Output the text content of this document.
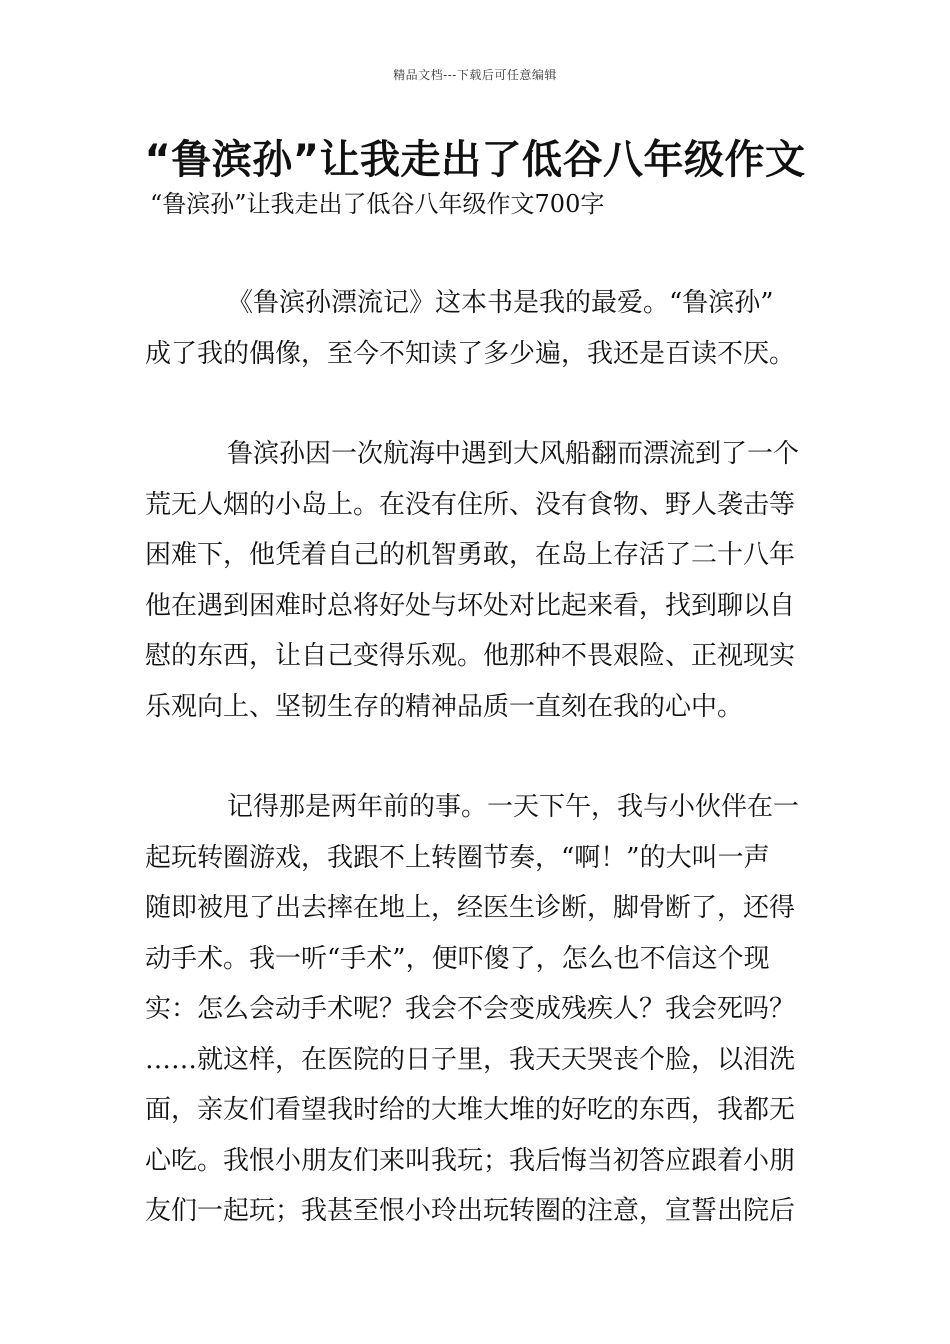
精品文档---下载后可任意编辑
“鲁滨孙”让我走出了低谷八年级作文
“鲁滨孙”让我走出了低谷八年级作文700字
《鲁滨孙漂流记》这本书是我的最爱。“鲁滨孙”
成了我的偶像，至今不知读了多少遍，我还是百读不厌。
鲁滨孙因一次航海中遇到大风船翻而漂流到了一个
荒无人烟的小岛上。在没有住所、没有食物、野人袭击等
困难下，他凭着自己的机智勇敢，在岛上存活了二十八年
他在遇到困难时总将好处与坏处对比起来看，找到聊以自
慰的东西，让自己变得乐观。他那种不畏艰险、正视现实
乐观向上、坚韧生存的精神品质一直刻在我的心中。
记得那是两年前的事。一天下午，我与小伙伴在一
起玩转圈游戏，我跟不上转圈节奏，“啊！”的大叫一声
随即被甩了出去摔在地上，经医生诊断，脚骨断了，还得
动手术。我一听“手术”，便吓傻了，怎么也不信这个现
实：怎么会动手术呢？我会不会变成残疾人？我会死吗？
……就这样，在医院的日子里，我天天哭丧个脸，以泪洗
面，亲友们看望我时给的大堆大堆的好吃的东西，我都无
心吃。我恨小朋友们来叫我玩；我后悔当初答应跟着小朋
友们一起玩；我甚至恨小玲出玩转圈的注意，宣誓出院后
